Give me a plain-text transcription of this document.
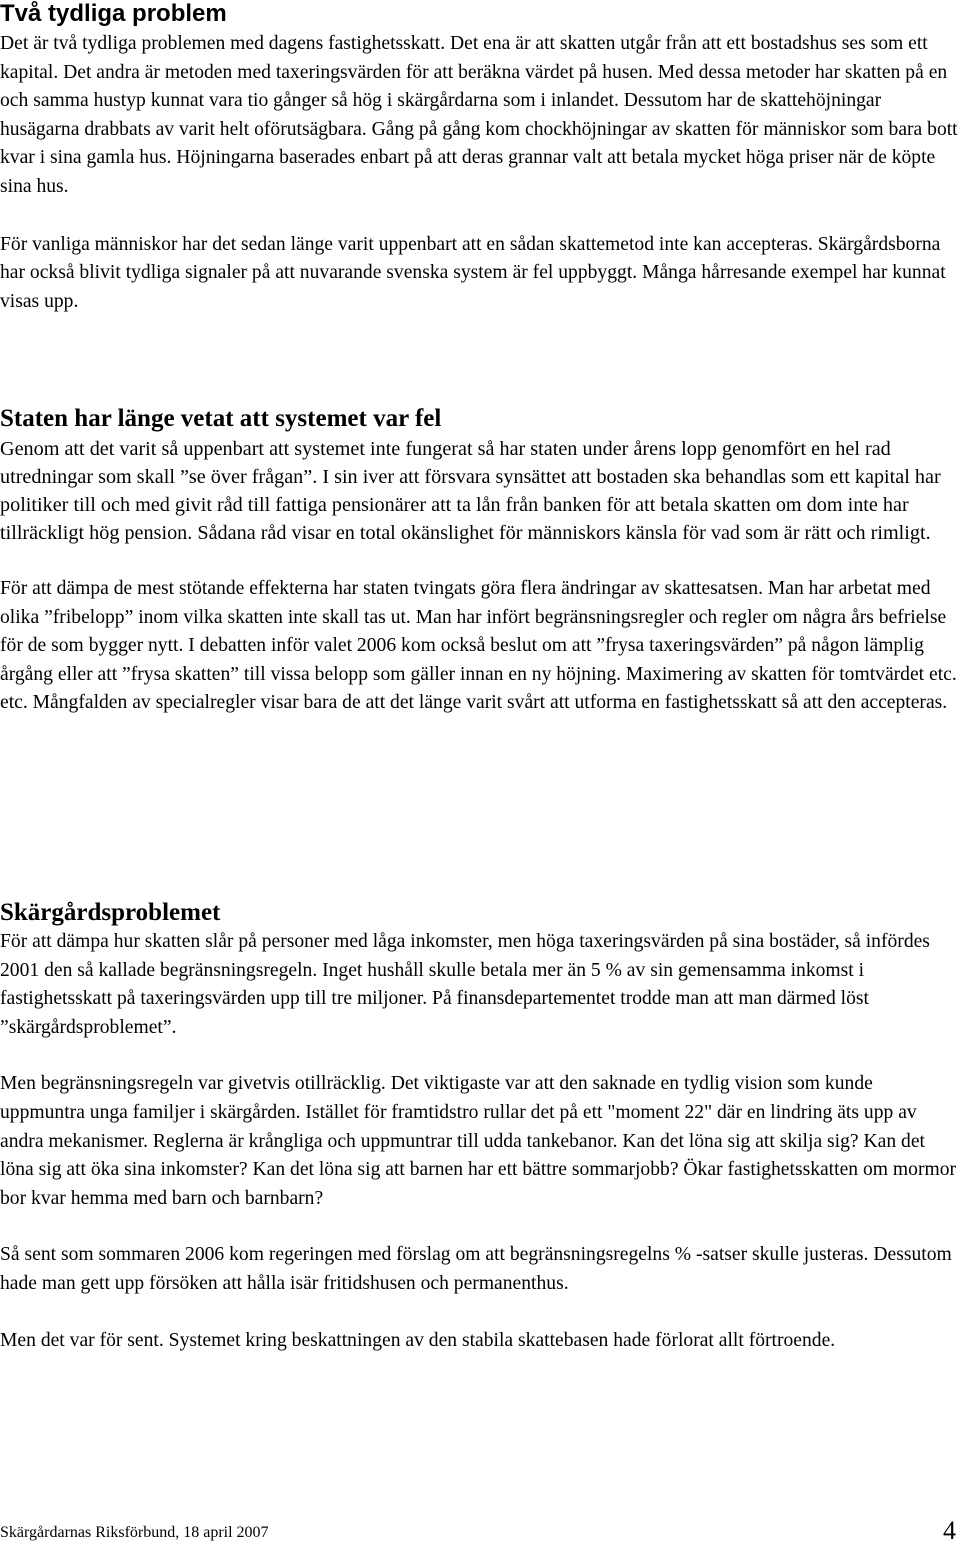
Två tydliga problem

Det är två tydliga problemen med dagens fastighetsskatt. Det ena är att skatten utgår från att ett bostadshus ses som ett kapital. Det andra är metoden med taxeringsvärden för att beräkna värdet på husen. Med dessa metoder har skatten på en och samma hustyp kunnat vara tio gånger så hög i skärgårdarna som i inlandet. Dessutom har de skattehöjningar husägarna drabbats av varit helt oförutsägbara. Gång på gång kom chockhöjningar av skatten för människor som bara bott kvar i sina gamla hus. Höjningarna baserades enbart på att deras grannar valt att betala mycket höga priser när de köpte sina hus.

För vanliga människor har det sedan länge varit uppenbart att en sådan skattemetod inte kan accepteras. Skärgårdsborna har också blivit tydliga signaler på att nuvarande svenska system är fel uppbyggt. Många hårresande exempel har kunnat visas upp.

Staten har länge vetat att systemet var fel

Genom att det varit så uppenbart att systemet inte fungerat så har staten under årens lopp genomfört en hel rad utredningar som skall ”se över frågan”. I sin iver att försvara synsättet att bostaden ska behandlas som ett kapital har politiker till och med givit råd till fattiga pensionärer att ta lån från banken för att betala skatten om dom inte har tillräckligt hög pension. Sådana råd visar en total okänslighet för människors känsla för vad som är rätt och rimligt.

För att dämpa de mest stötande effekterna har staten tvingats göra flera ändringar av skattesatsen. Man har arbetat med olika ”fribelopp” inom vilka skatten inte skall tas ut. Man har infört begränsningsregler och regler om några års befrielse för de som bygger nytt. I debatten inför valet 2006 kom också beslut om att ”frysa taxeringsvärden” på någon lämplig årgång eller att ”frysa skatten” till vissa belopp som gäller innan en ny höjning. Maximering av skatten för tomtvärdet etc. etc. Mångfalden av specialregler visar bara de att det länge varit svårt att utforma en fastighetsskatt så att den accepteras.

Skärgårdsproblemet

För att dämpa hur skatten slår på personer med låga inkomster, men höga taxeringsvärden på sina bostäder, så infördes 2001 den så kallade begränsningsregeln. Inget hushåll skulle betala mer än 5 % av sin gemensamma inkomst i fastighetsskatt på taxeringsvärden upp till tre miljoner. På finansdepartementet trodde man att man därmed löst ”skärgårdsproblemet”.

Men begränsningsregeln var givetvis otillräcklig. Det viktigaste var att den saknade en tydlig vision som kunde uppmuntra unga familjer i skärgården. Istället för framtidstro rullar det på ett "moment 22" där en lindring äts upp av andra mekanismer. Reglerna är krångliga och uppmuntrar till udda tankebanor. Kan det löna sig att skilja sig? Kan det löna sig att öka sina inkomster? Kan det löna sig att barnen har ett bättre sommarjobb? Ökar fastighetsskatten om mormor bor kvar hemma med barn och barnbarn?

Så sent som sommaren 2006 kom regeringen med förslag om att begränsningsregelns % -satser skulle justeras. Dessutom hade man gett upp försöken att hålla isär fritidshusen och permanenthus.

Men det var för sent. Systemet kring beskattningen av den stabila skattebasen hade förlorat allt förtroende.

Skärgårdarnas Riksförbund, 18 april 2007	4
